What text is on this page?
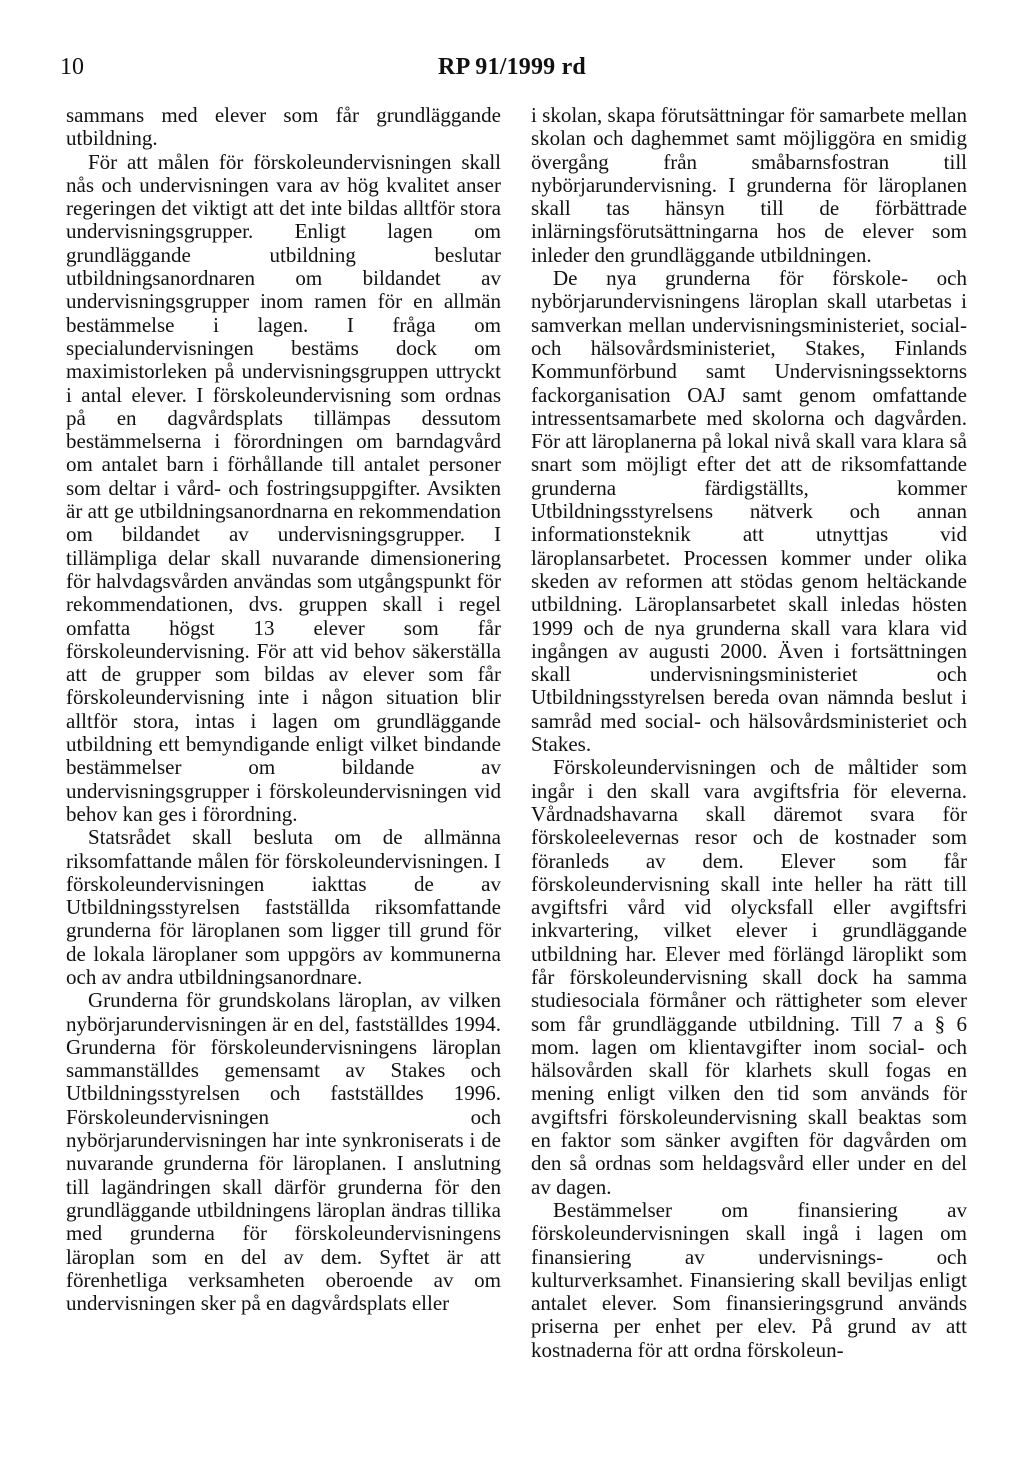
10	RP 91/1999 rd

sammans med elever som får grundläggande utbildning.

För att målen för förskoleundervisningen skall nås och undervisningen vara av hög kvalitet anser regeringen det viktigt att det inte bildas alltför stora undervisningsgrupper. Enligt lagen om grundläggande utbildning beslutar utbildningsanordnaren om bildandet av undervisningsgrupper inom ramen för en allmän bestämmelse i lagen. I fråga om specialundervisningen bestäms dock om maximistorleken på undervisningsgruppen uttryckt i antal elever. I förskoleundervisning som ordnas på en dagvårdsplats tillämpas dessutom bestämmelserna i förordningen om barndagvård om antalet barn i förhållande till antalet personer som deltar i vård- och fostringsuppgifter. Avsikten är att ge utbildningsanordnarna en rekommendation om bildandet av undervisningsgrupper. I tillämpliga delar skall nuvarande dimensionering för halvdagsvården användas som utgångspunkt för rekommendationen, dvs. gruppen skall i regel omfatta högst 13 elever som får förskoleundervisning. För att vid behov säkerställa att de grupper som bildas av elever som får förskoleundervisning inte i någon situation blir alltför stora, intas i lagen om grundläggande utbildning ett bemyndigande enligt vilket bindande bestämmelser om bildande av undervisningsgrupper i förskoleundervisningen vid behov kan ges i förordning.

Statsrådet skall besluta om de allmänna riksomfattande målen för förskoleundervisningen. I förskoleundervisningen iakttas de av Utbildningsstyrelsen fastställda riksomfattande grunderna för läroplanen som ligger till grund för de lokala läroplaner som uppgörs av kommunerna och av andra utbildningsanordnare.

Grunderna för grundskolans läroplan, av vilken nybörjarundervisningen är en del, fastställdes 1994. Grunderna för förskoleundervisningens läroplan sammanställdes gemensamt av Stakes och Utbildningsstyrelsen och fastställdes 1996. Förskoleundervisningen och nybörjarundervisningen har inte synkroniserats i de nuvarande grunderna för läroplanen. I anslutning till lagändringen skall därför grunderna för den grundläggande utbildningens läroplan ändras tillika med grunderna för förskoleundervisningens läroplan som en del av dem. Syftet är att förenhetliga verksamheten oberoende av om undervisningen sker på en dagvårdsplats eller

i skolan, skapa förutsättningar för samarbete mellan skolan och daghemmet samt möjliggöra en smidig övergång från småbarnsfostran till nybörjarundervisning. I grunderna för läroplanen skall tas hänsyn till de förbättrade inlärningsförutsättningarna hos de elever som inleder den grundläggande utbildningen.

De nya grunderna för förskole- och nybörjarundervisningens läroplan skall utarbetas i samverkan mellan undervisningsministeriet, social- och hälsovårdsministeriet, Stakes, Finlands Kommunförbund samt Undervisningssektorns fackorganisation OAJ samt genom omfattande intressentsamarbete med skolorna och dagvården. För att läroplanerna på lokal nivå skall vara klara så snart som möjligt efter det att de riksomfattande grunderna färdigställts, kommer Utbildningsstyrelsens nätverk och annan informationsteknik att utnyttjas vid läroplansarbetet. Processen kommer under olika skeden av reformen att stödas genom heltäckande utbildning. Läroplansarbetet skall inledas hösten 1999 och de nya grunderna skall vara klara vid ingången av augusti 2000. Även i fortsättningen skall undervisningsministeriet och Utbildningsstyrelsen bereda ovan nämnda beslut i samråd med social- och hälsovårdsministeriet och Stakes.

Förskoleundervisningen och de måltider som ingår i den skall vara avgiftsfria för eleverna. Vårdnadshavarna skall däremot svara för förskoleelevernas resor och de kostnader som föranleds av dem. Elever som får förskoleundervisning skall inte heller ha rätt till avgiftsfri vård vid olycksfall eller avgiftsfri inkvartering, vilket elever i grundläggande utbildning har. Elever med förlängd läroplikt som får förskoleundervisning skall dock ha samma studiesociala förmåner och rättigheter som elever som får grundläggande utbildning. Till 7 a § 6 mom. lagen om klientavgifter inom social- och hälsovården skall för klarhets skull fogas en mening enligt vilken den tid som används för avgiftsfri förskoleundervisning skall beaktas som en faktor som sänker avgiften för dagvården om den så ordnas som heldagsvård eller under en del av dagen.

Bestämmelser om finansiering av förskoleundervisningen skall ingå i lagen om finansiering av undervisnings- och kulturverksamhet. Finansiering skall beviljas enligt antalet elever. Som finansieringsgrund används priserna per enhet per elev. På grund av att kostnaderna för att ordna förskoleun-
